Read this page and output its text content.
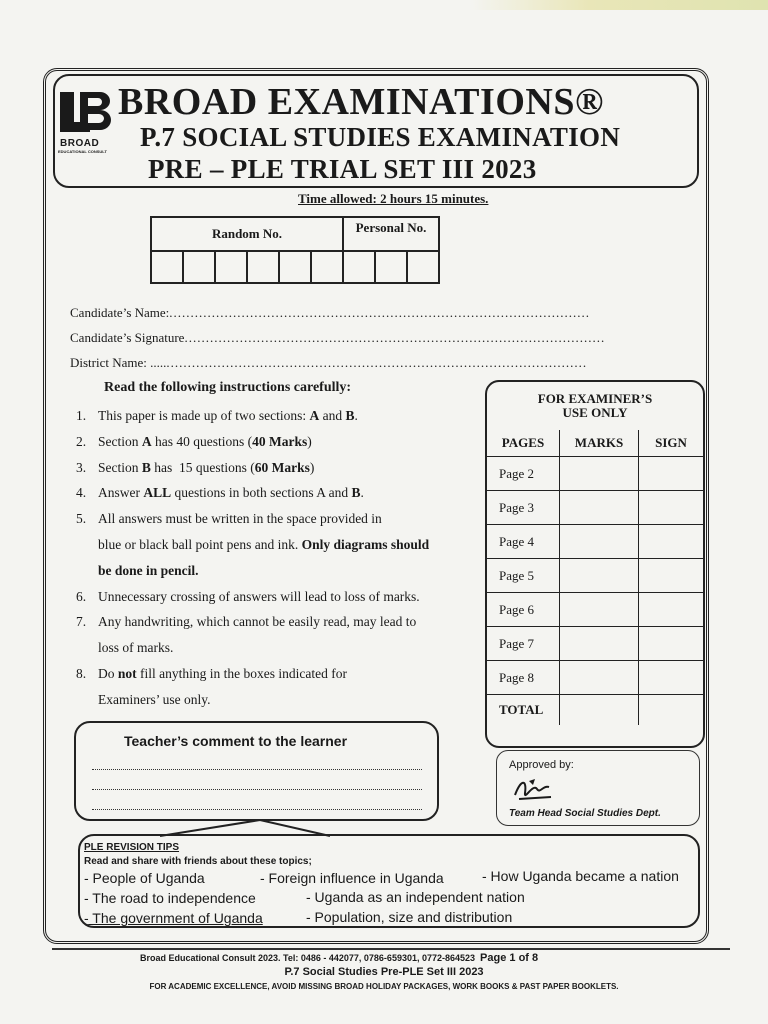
BROAD
EDUCATIONAL CONSULT
BROAD EXAMINATIONS®
P.7 SOCIAL STUDIES EXAMINATION
PRE – PLE TRIAL SET III 2023
Time allowed: 2 hours 15 minutes.
Random No.						Personal No.		

Candidate’s Name:...................................................................................................
Candidate’s Signature...................................................................................................
District Name: ........................................................................................................
Read the following instructions carefully:
1. This paper is made up of two sections: A and B.
2. Section A has 40 questions (40 Marks)
3. Section B has  15 questions (60 Marks)
4. Answer ALL questions in both sections A and B.
5. All answers must be written in the space provided in
blue or black ball point pens and ink. Only diagrams should
be done in pencil.
6. Unnecessary crossing of answers will lead to loss of marks.
7. Any handwriting, which cannot be easily read, may lead to
loss of marks.
8. Do not fill anything in the boxes indicated for
Examiners’ use only.
FOR EXAMINER’S
USE ONLY
PAGES	MARKS	SIGN
Page 2		
Page 3		
Page 4		
Page 5		
Page 6		
Page 7		
Page 8		
TOTAL		
Teacher’s comment to the learner
Approved by:
Team Head Social Studies Dept.
PLE REVISION TIPS
Read and share with friends about these topics;
- People of Uganda	- Foreign influence in Uganda	- How Uganda became a nation
- The road to independence	- Uganda as an independent nation
- The government of Uganda	- Population, size and distribution
Broad Educational Consult 2023. Tel: 0486 - 442077, 0786-659301, 0772-864523 Page 1 of 8
P.7 Social Studies Pre-PLE Set III 2023
FOR ACADEMIC EXCELLENCE, AVOID MISSING BROAD HOLIDAY PACKAGES, WORK BOOKS & PAST PAPER BOOKLETS.
